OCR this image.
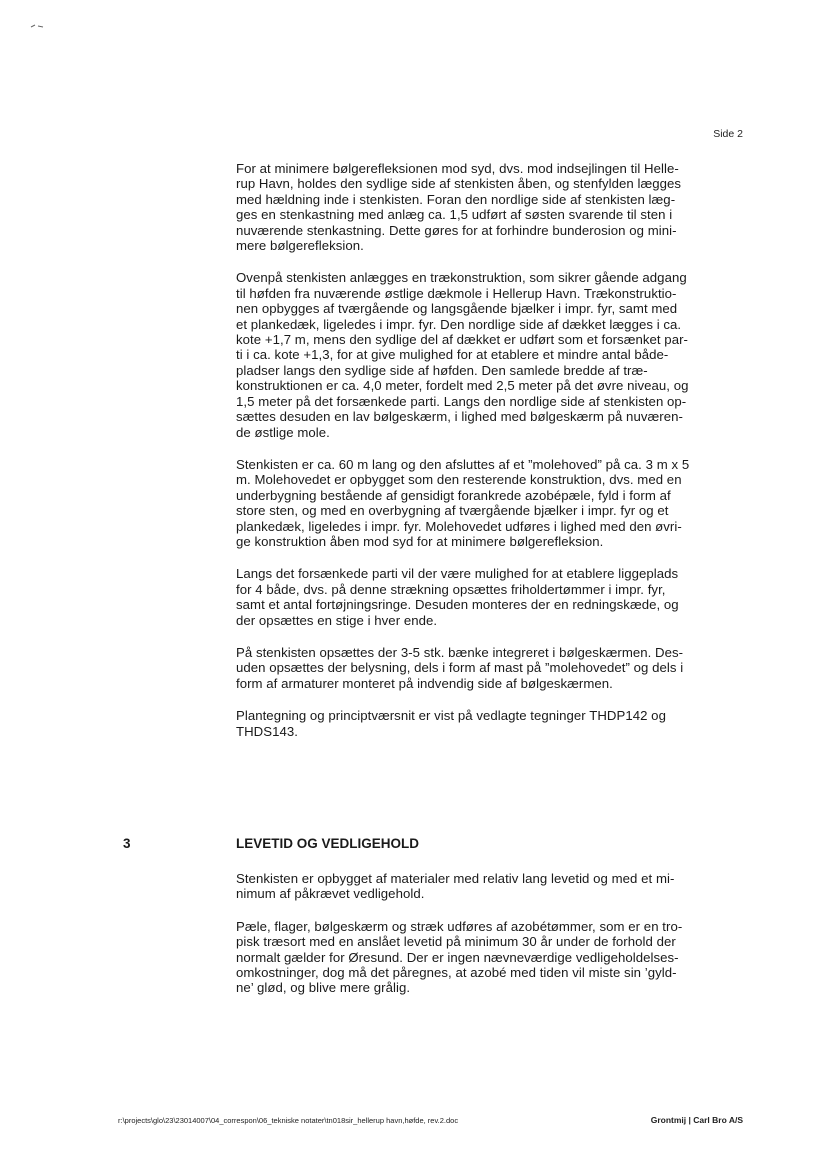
Side 2

For at minimere bølgerefleksionen mod syd, dvs. mod indsejlingen til Helle-
rup Havn, holdes den sydlige side af stenkisten åben, og stenfylden lægges
med hældning inde i stenkisten. Foran den nordlige side af stenkisten læg-
ges en stenkastning med anlæg ca. 1,5 udført af søsten svarende til sten i
nuværende stenkastning. Dette gøres for at forhindre bunderosion og mini-
mere bølgerefleksion.

Ovenpå stenkisten anlægges en trækonstruktion, som sikrer gående adgang
til høfden fra nuværende østlige dækmole i Hellerup Havn. Trækonstruktio-
nen opbygges af tværgående og langsgående bjælker i impr. fyr, samt med
et plankedæk, ligeledes i impr. fyr. Den nordlige side af dækket lægges i ca.
kote +1,7 m, mens den sydlige del af dækket er udført som et forsænket par-
ti i ca. kote +1,3, for at give mulighed for at etablere et mindre antal både-
pladser langs den sydlige side af høfden. Den samlede bredde af træ-
konstruktionen er ca. 4,0 meter, fordelt med 2,5 meter på det øvre niveau, og
1,5 meter på det forsænkede parti. Langs den nordlige side af stenkisten op-
sættes desuden en lav bølgeskærm, i lighed med bølgeskærm på nuværen-
de østlige mole.

Stenkisten er ca. 60 m lang og den afsluttes af et ”molehoved” på ca. 3 m x 5
m. Molehovedet er opbygget som den resterende konstruktion, dvs. med en
underbygning bestående af gensidigt forankrede azobépæle, fyld i form af
store sten, og med en overbygning af tværgående bjælker i impr. fyr og et
plankedæk, ligeledes i impr. fyr. Molehovedet udføres i lighed med den øvri-
ge konstruktion åben mod syd for at minimere bølgerefleksion.

Langs det forsænkede parti vil der være mulighed for at etablere liggeplads
for 4 både, dvs. på denne strækning opsættes friholdertømmer i impr. fyr,
samt et antal fortøjningsringe. Desuden monteres der en redningskæde, og
der opsættes en stige i hver ende.

På stenkisten opsættes der 3-5 stk. bænke integreret i bølgeskærmen. Des-
uden opsættes der belysning, dels i form af mast på ”molehovedet” og dels i
form af armaturer monteret på indvendig side af bølgeskærmen.

Plantegning og principtværsnit er vist på vedlagte tegninger THDP142 og
THDS143.

3	LEVETID OG VEDLIGEHOLD

Stenkisten er opbygget af materialer med relativ lang levetid og med et mi-
nimum af påkrævet vedligehold.

Pæle, flager, bølgeskærm og stræk udføres af azobétømmer, som er en tro-
pisk træsort med en anslået levetid på minimum 30 år under de forhold der
normalt gælder for Øresund. Der er ingen nævneværdige vedligeholdelses-
omkostninger, dog må det påregnes, at azobé med tiden vil miste sin ’gyld-
ne’ glød, og blive mere grålig.

r:\projects\glo\23\23014007\04_correspon\06_tekniske notater\tn018sir_hellerup havn,høfde, rev.2.doc	Grontmij | Carl Bro A/S
